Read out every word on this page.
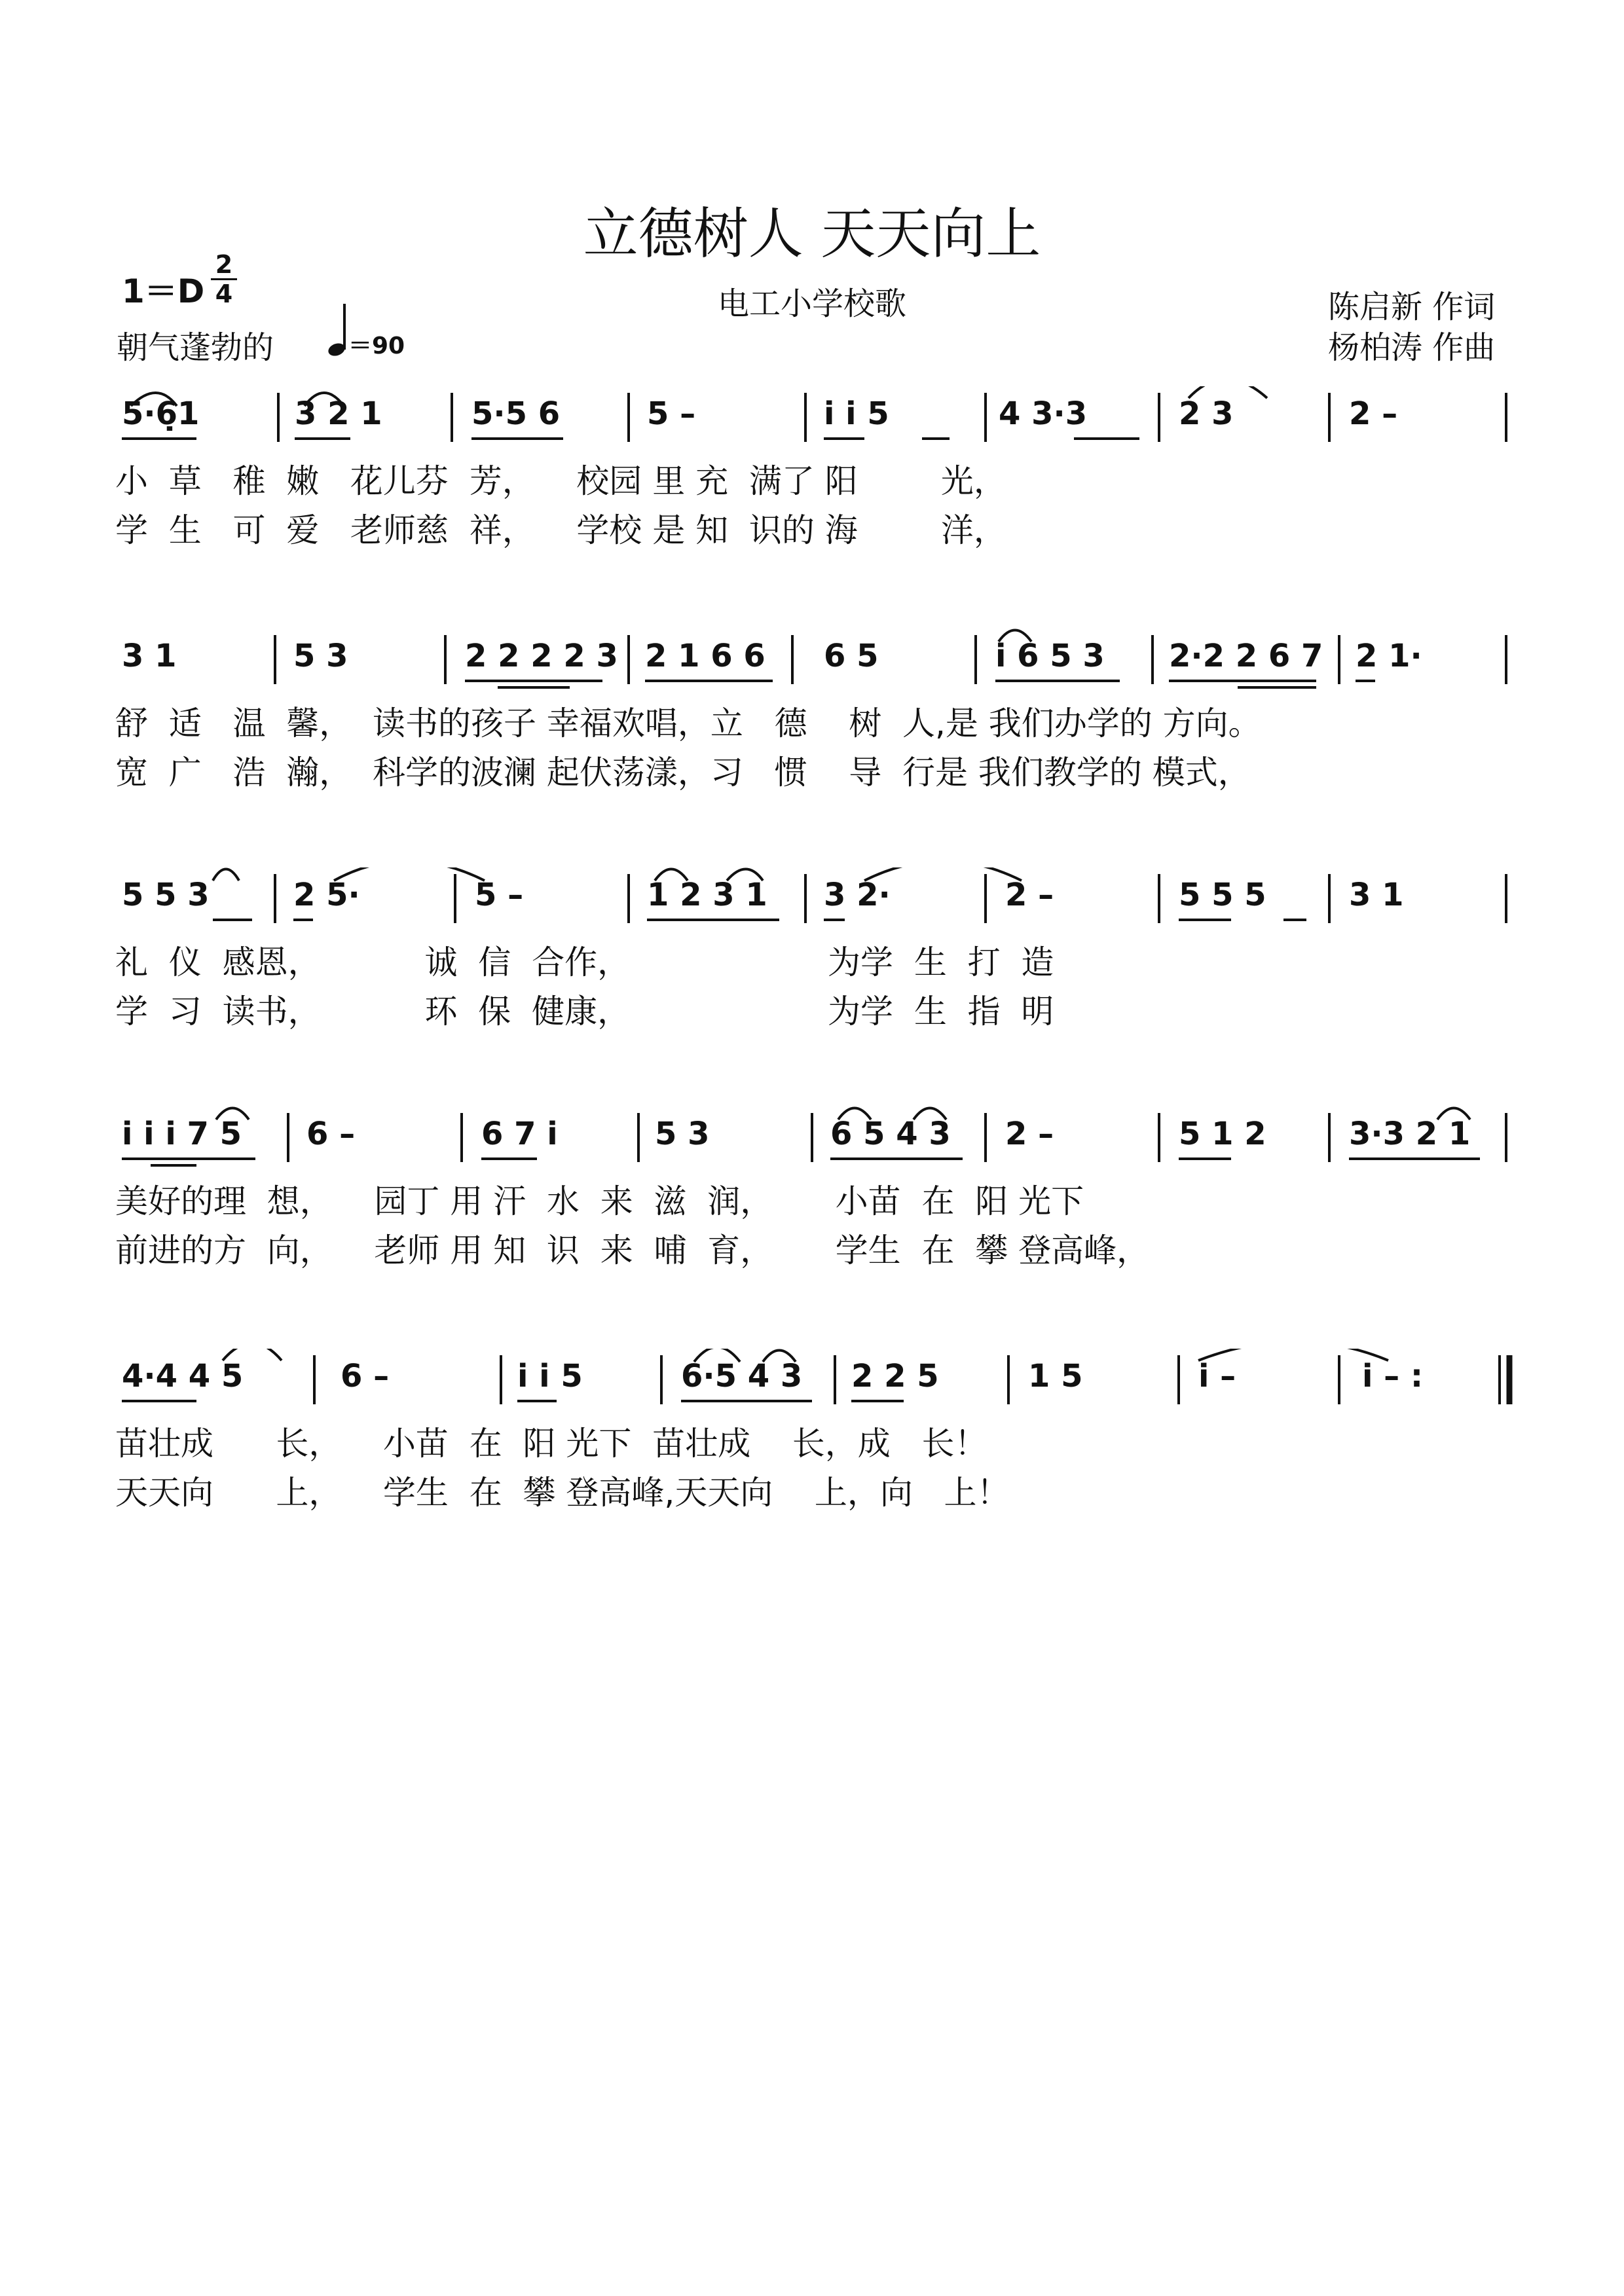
立德树人 天天向上
电工小学校歌
1＝D
2
4
朝气蓬勃的	＝90
陈启新 作词
杨柏涛 作曲
5·6̣1	3 2 1	5·5 6	5 –	i i 5	4 3·3	2 3	2 –
小  草   稚  嫩   花儿芬  芳，    校园 里 充  满了 阳        光，
学  生   可  爱   老师慈  祥，    学校 是 知  识的 海        洋，
3 1	5 3	2 2 2 2 3 2 1 6 6 6 5	i 6 5 3 2·2 2 6 7 2 1·
舒  适   温  馨，  读书的孩子 幸福欢唱，立   德    树  人,是 我们办学的 方向。
宽  广   浩  瀚，  科学的波澜 起伏荡漾，习   惯    导  行是 我们教学的 模式，
5 5 3	2 5·	5 –	1 2 3 1 3 2·	2 –	5 5 5	3 1
礼  仪  感恩，          诚  信  合作，                   为学  生  打  造
学  习  读书，          环  保  健康，                   为学  生  指  明
i i i 7 5 6 –	6 7 i	5 3	6 5 4 3 2 –	5 1 2	3·3 2 1
美好的理  想，    园丁 用 汗  水  来  滋  润，      小苗  在  阳 光下
前进的方  向，    老师 用 知  识  来  哺  育，      学生  在  攀 登高峰，
4·4 4 5	6 –	i i 5	6·5 4 3 2 2 5	1 5	i –	i – :
苗壮成      长，    小苗  在  阳 光下  苗壮成    长，成   长！
天天向      上，    学生  在  攀 登高峰,天天向    上，向   上！
